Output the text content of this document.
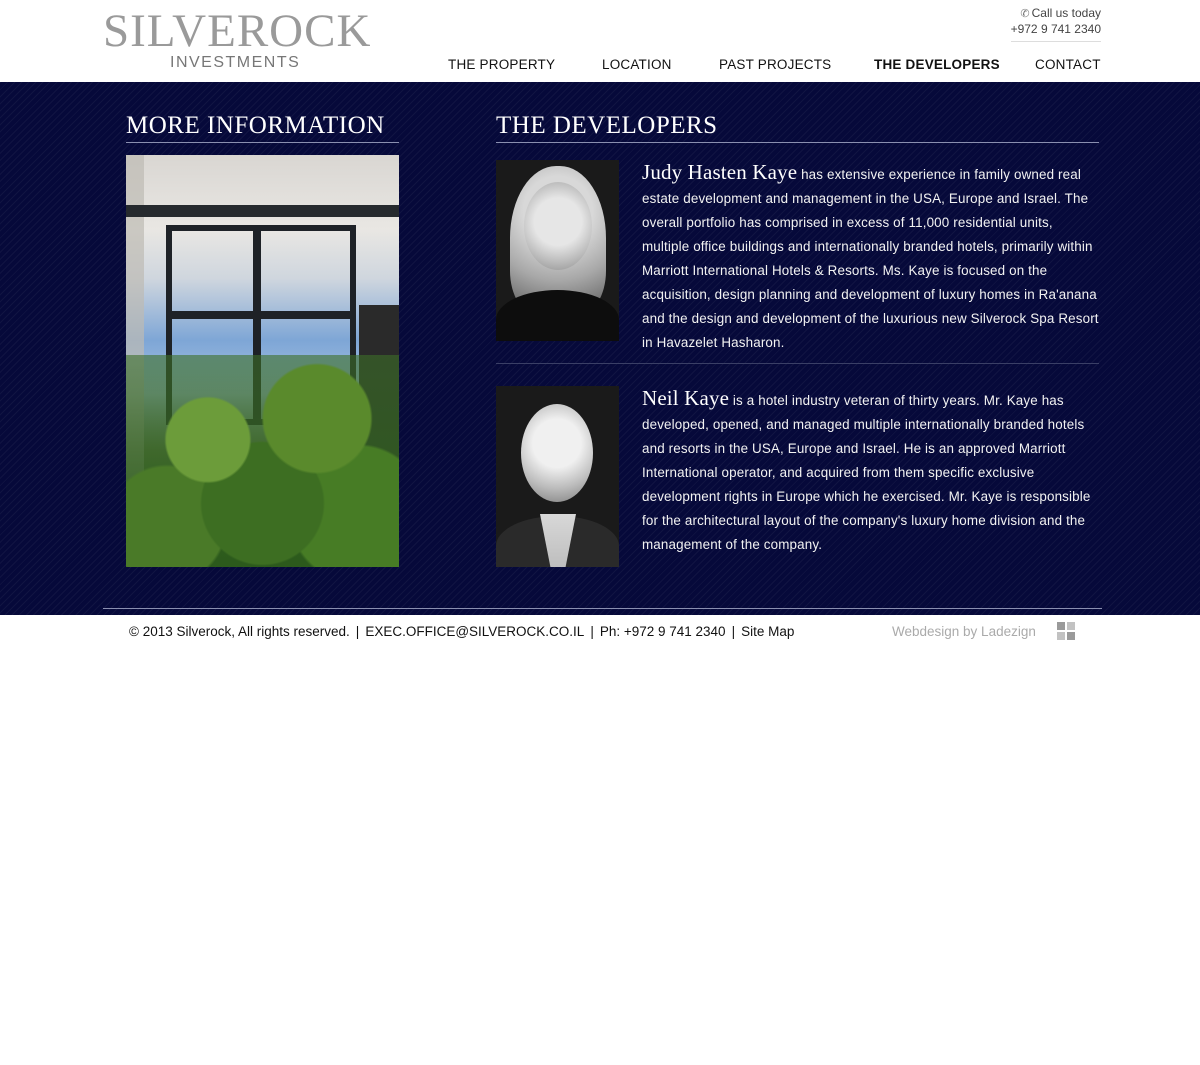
SILVEROCK
INVESTMENTS
✆ Call us today
+972 9 741 2340
THE PROPERTY	LOCATION	PAST PROJECTS	THE DEVELOPERS	CONTACT
MORE INFORMATION	THE DEVELOPERS
Judy Hasten Kaye has extensive experience in family owned real estate development and management in the USA, Europe and Israel. The overall portfolio has comprised in excess of 11,000 residential units, multiple office buildings and internationally branded hotels, primarily within Marriott International Hotels & Resorts. Ms. Kaye is focused on the acquisition, design planning and development of luxury homes in Ra'anana and the design and development of the luxurious new Silverock Spa Resort in Havazelet Hasharon.
Neil Kaye is a hotel industry veteran of thirty years. Mr. Kaye has developed, opened, and managed multiple internationally branded hotels and resorts in the USA, Europe and Israel. He is an approved Marriott International operator, and acquired from them specific exclusive development rights in Europe which he exercised. Mr. Kaye is responsible for the architectural layout of the company's luxury home division and the management of the company.
© 2013 Silverock, All rights reserved. | EXEC.OFFICE@SILVEROCK.CO.IL | Ph: +972 9 741 2340 | Site Map	Webdesign by Ladezign
